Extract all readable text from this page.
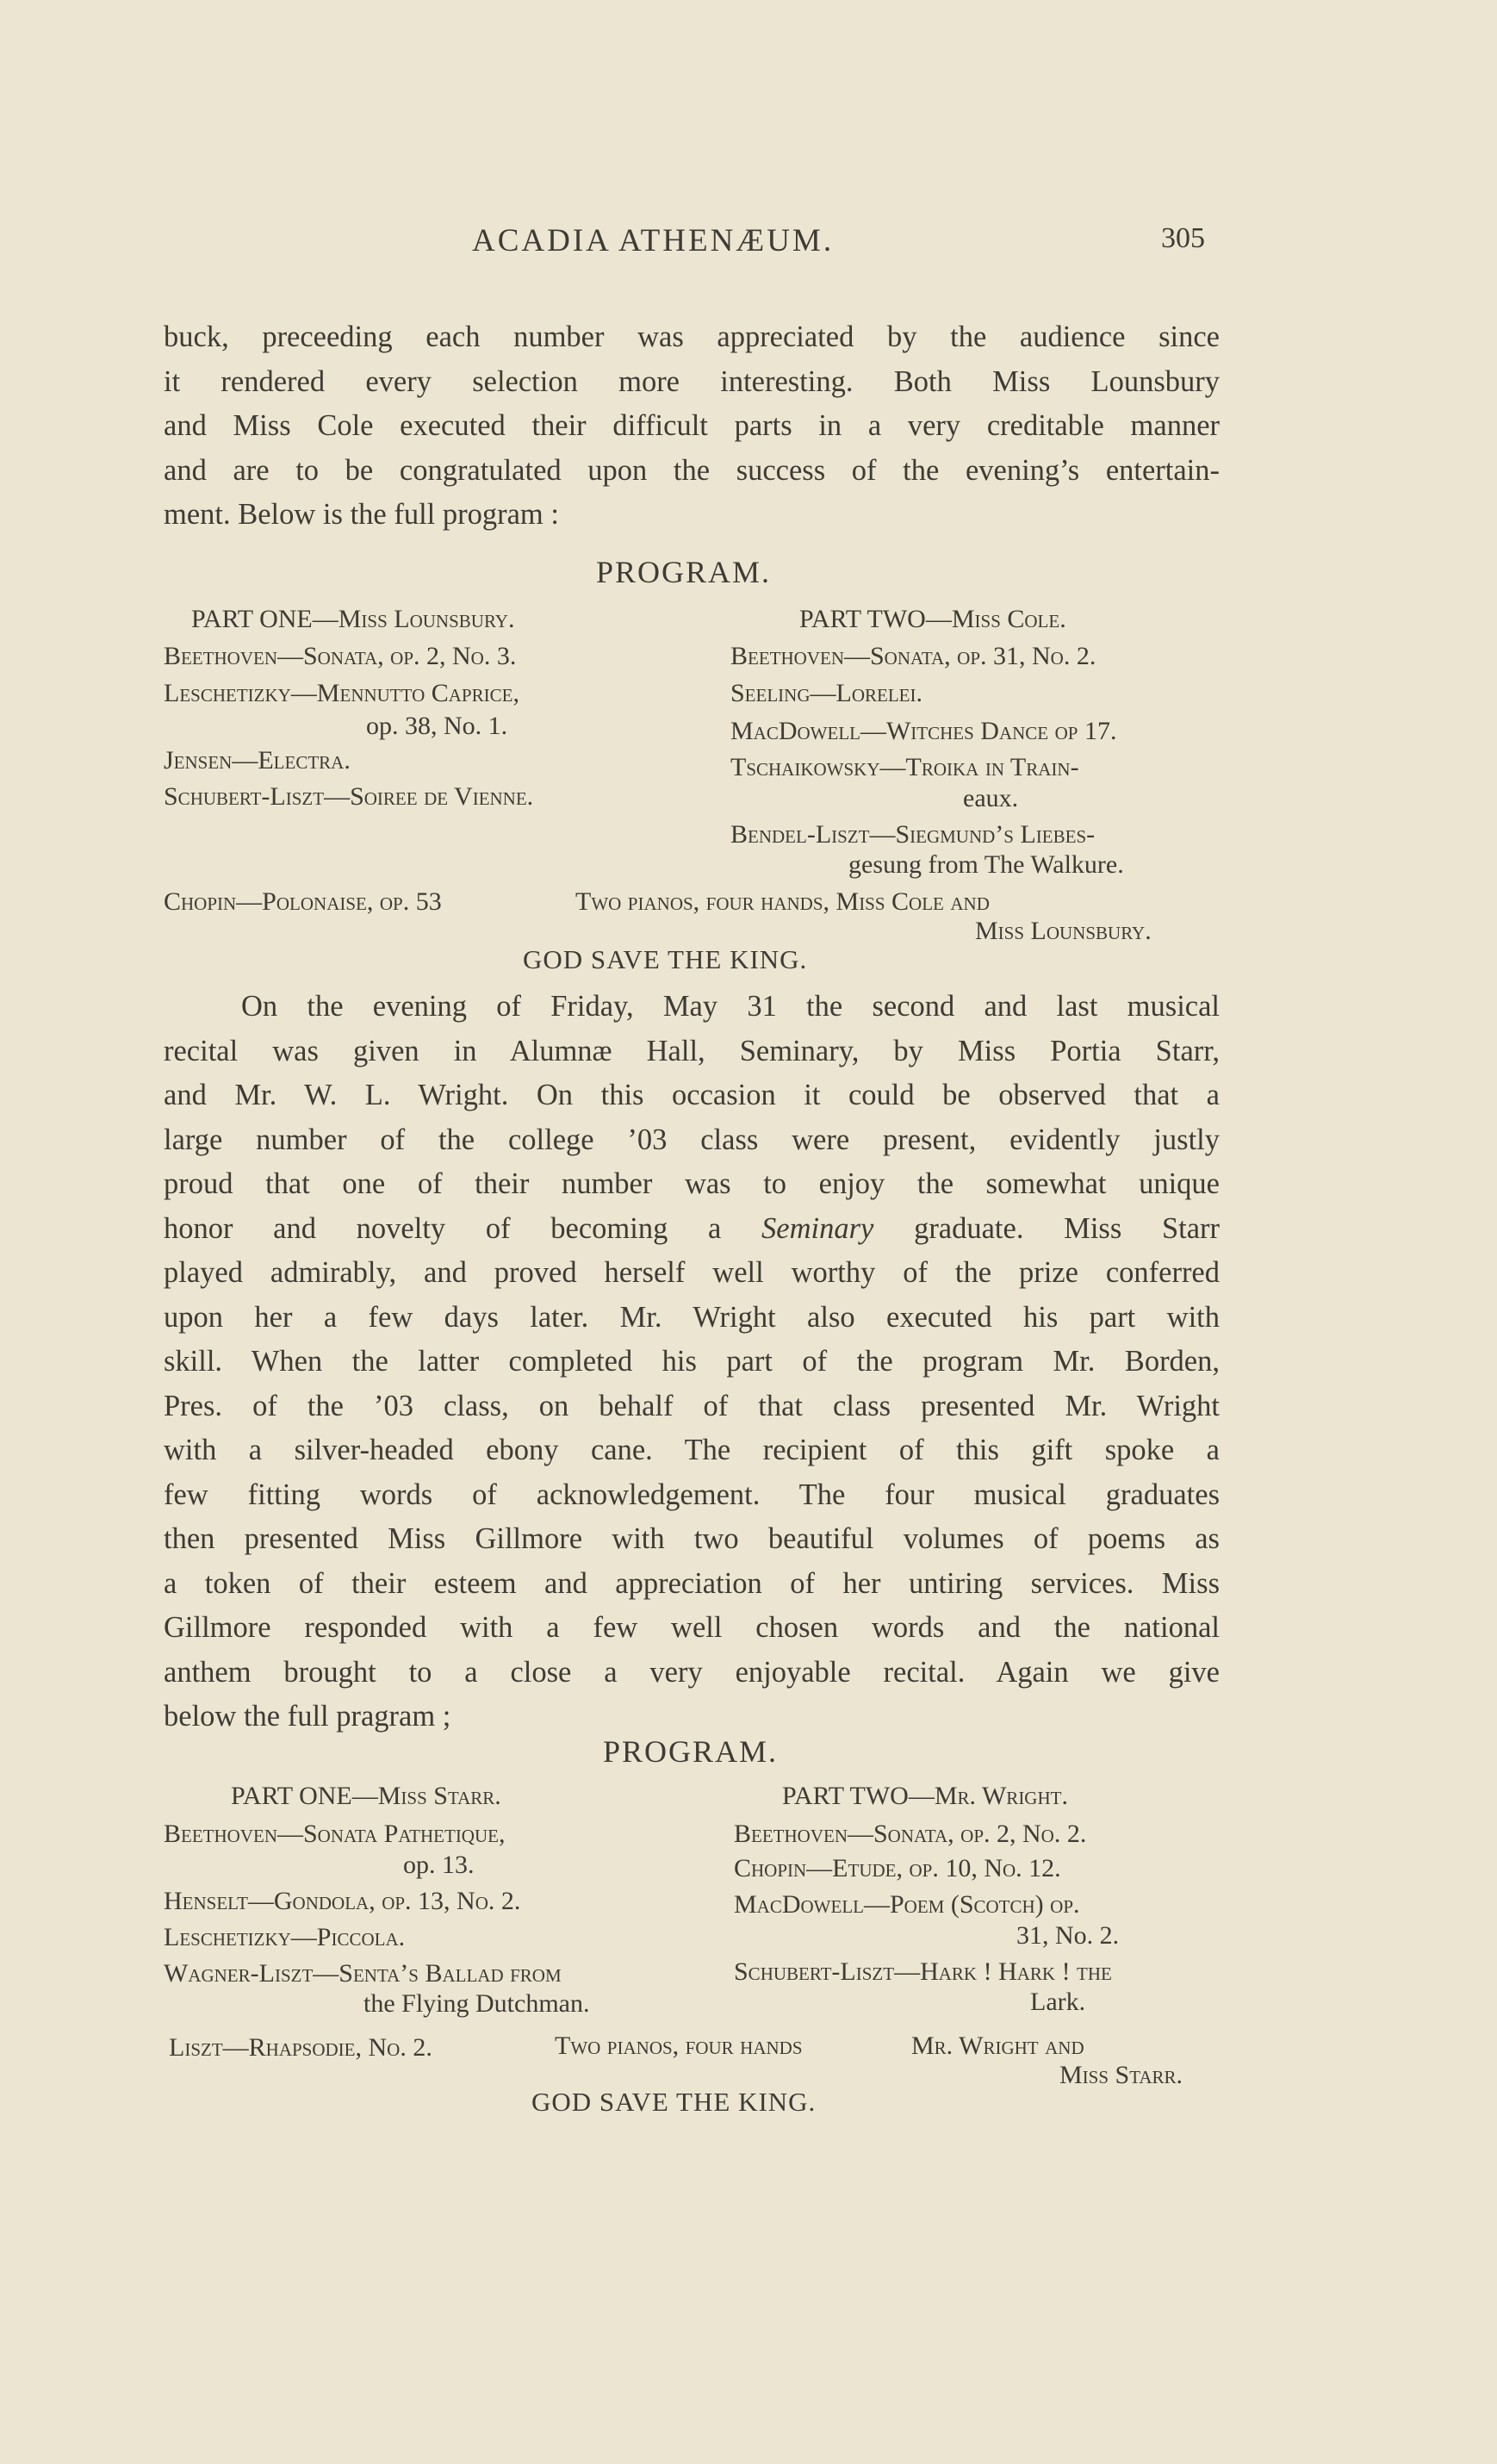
ACADIA ATHENÆUM.	305
buck, preceeding each number was appreciated by the audience since
it rendered every selection more interesting. Both Miss Lounsbury
and Miss Cole executed their difficult parts in a very creditable manner
and are to be congratulated upon the success of the evening’s entertain-
ment. Below is the full program :
PROGRAM.
PART ONE—Miss Lounsbury.
Beethoven—Sonata, op. 2, No. 3.
Leschetizky—Mennutto Caprice,
op. 38, No. 1.
Jensen—Electra.
Schubert-Liszt—Soiree de Vienne.
PART TWO—Miss Cole.
Beethoven—Sonata, op. 31, No. 2.
Seeling—Lorelei.
MacDowell—Witches Dance op 17.
Tschaikowsky—Troika in Train-
eaux.
Bendel-Liszt—Siegmund’s Liebes-
gesung from The Walkure.
Chopin—Polonaise, op. 53	Two pianos, four hands, Miss Cole and
Miss Lounsbury.
GOD SAVE THE KING.
On the evening of Friday, May 31 the second and last musical
recital was given in Alumnæ Hall, Seminary, by Miss Portia Starr,
and Mr. W. L. Wright. On this occasion it could be observed that a
large number of the college ’03 class were present, evidently justly
proud that one of their number was to enjoy the somewhat unique
honor and novelty of becoming a Seminary graduate. Miss Starr
played admirably, and proved herself well worthy of the prize conferred
upon her a few days later. Mr. Wright also executed his part with
skill. When the latter completed his part of the program Mr. Borden,
Pres. of the ’03 class, on behalf of that class presented Mr. Wright
with a silver-headed ebony cane. The recipient of this gift spoke a
few fitting words of acknowledgement. The four musical graduates
then presented Miss Gillmore with two beautiful volumes of poems as
a token of their esteem and appreciation of her untiring services. Miss
Gillmore responded with a few well chosen words and the national
anthem brought to a close a very enjoyable recital. Again we give
below the full pragram ;
PROGRAM.
PART ONE—Miss Starr.
Beethoven—Sonata Pathetique,
op. 13.
Henselt—Gondola, op. 13, No. 2.
Leschetizky—Piccola.
Wagner-Liszt—Senta’s Ballad from
the Flying Dutchman.
PART TWO—Mr. Wright.
Beethoven—Sonata, op. 2, No. 2.
Chopin—Etude, op. 10, No. 12.
MacDowell—Poem (Scotch) op.
31, No. 2.
Schubert-Liszt—Hark ! Hark ! the
Lark.
Liszt—Rhapsodie, No. 2.	Two pianos, four hands	Mr. Wright and
Miss Starr.
GOD SAVE THE KING.
